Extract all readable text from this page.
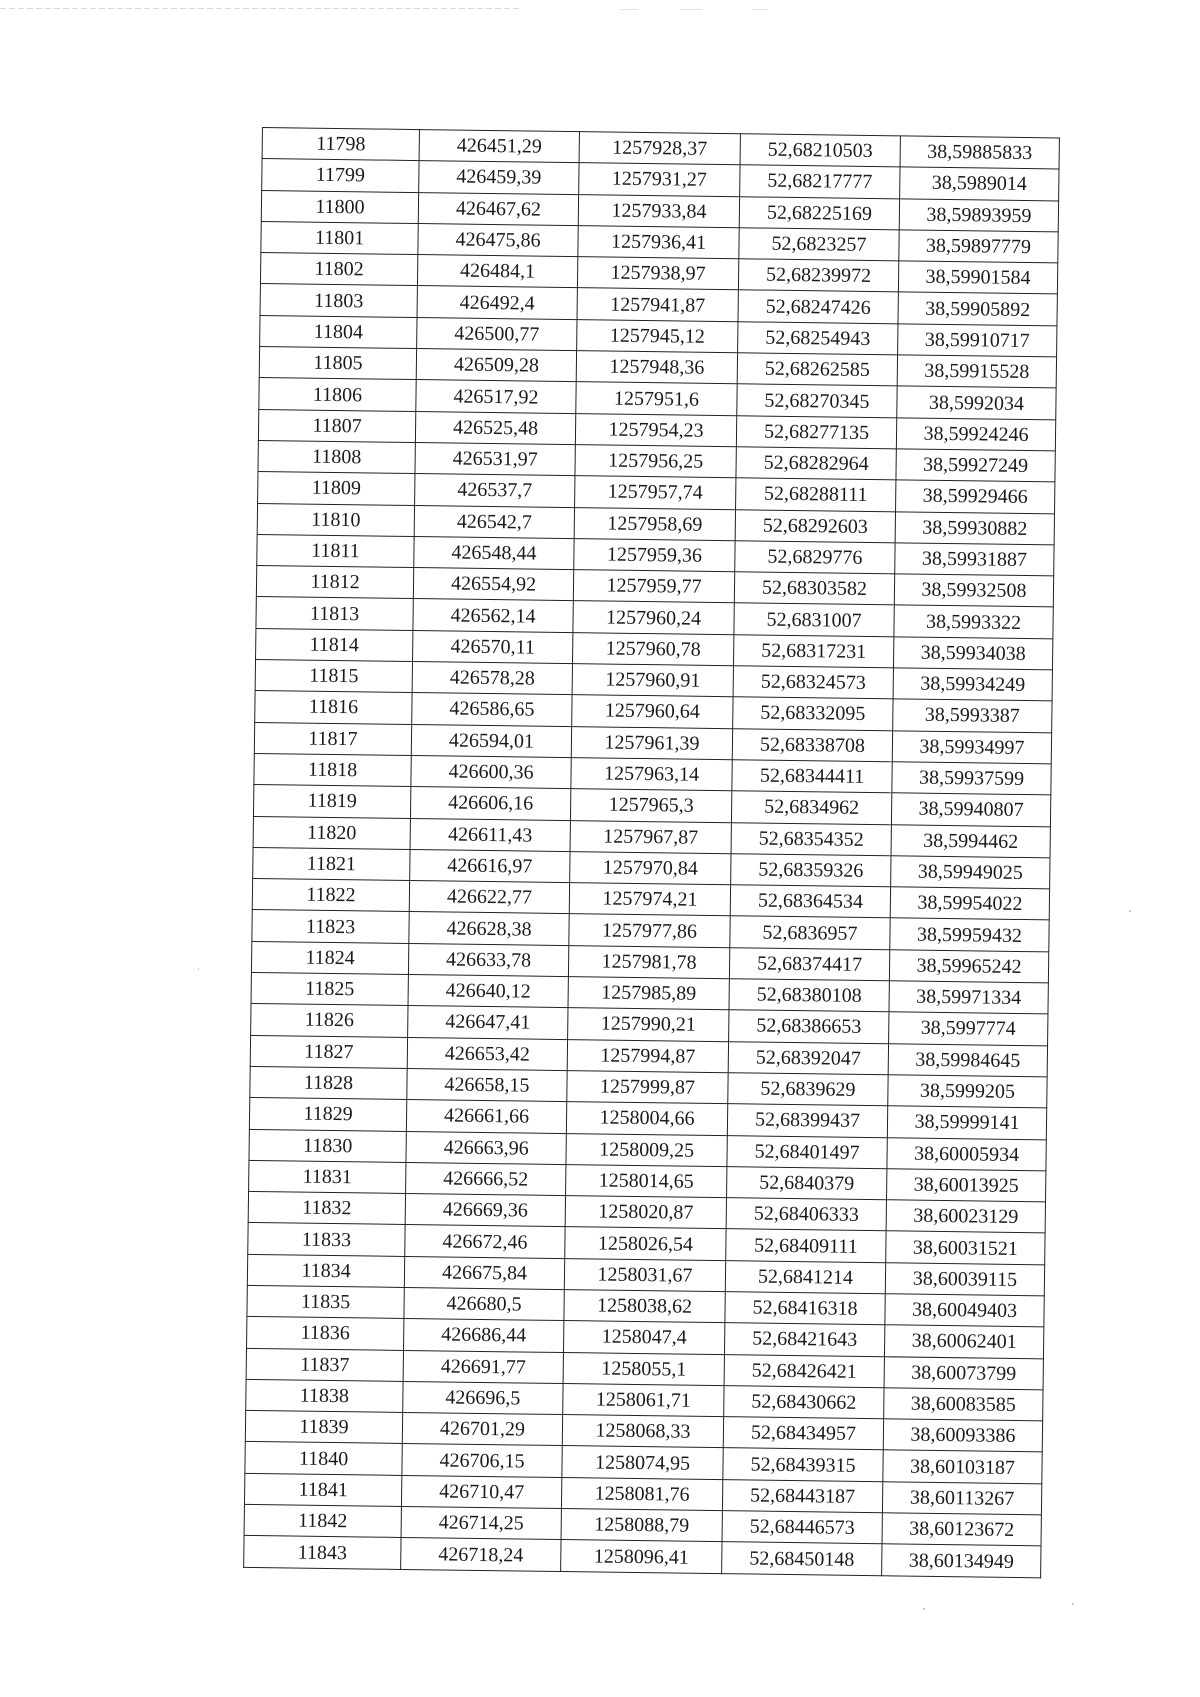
11798	426451,29	1257928,37	52,68210503	38,59885833
11799	426459,39	1257931,27	52,68217777	38,5989014
11800	426467,62	1257933,84	52,68225169	38,59893959
11801	426475,86	1257936,41	52,6823257	38,59897779
11802	426484,1	1257938,97	52,68239972	38,59901584
11803	426492,4	1257941,87	52,68247426	38,59905892
11804	426500,77	1257945,12	52,68254943	38,59910717
11805	426509,28	1257948,36	52,68262585	38,59915528
11806	426517,92	1257951,6	52,68270345	38,5992034
11807	426525,48	1257954,23	52,68277135	38,59924246
11808	426531,97	1257956,25	52,68282964	38,59927249
11809	426537,7	1257957,74	52,68288111	38,59929466
11810	426542,7	1257958,69	52,68292603	38,59930882
11811	426548,44	1257959,36	52,6829776	38,59931887
11812	426554,92	1257959,77	52,68303582	38,59932508
11813	426562,14	1257960,24	52,6831007	38,5993322
11814	426570,11	1257960,78	52,68317231	38,59934038
11815	426578,28	1257960,91	52,68324573	38,59934249
11816	426586,65	1257960,64	52,68332095	38,5993387
11817	426594,01	1257961,39	52,68338708	38,59934997
11818	426600,36	1257963,14	52,68344411	38,59937599
11819	426606,16	1257965,3	52,6834962	38,59940807
11820	426611,43	1257967,87	52,68354352	38,5994462
11821	426616,97	1257970,84	52,68359326	38,59949025
11822	426622,77	1257974,21	52,68364534	38,59954022
11823	426628,38	1257977,86	52,6836957	38,59959432
11824	426633,78	1257981,78	52,68374417	38,59965242
11825	426640,12	1257985,89	52,68380108	38,59971334
11826	426647,41	1257990,21	52,68386653	38,5997774
11827	426653,42	1257994,87	52,68392047	38,59984645
11828	426658,15	1257999,87	52,6839629	38,5999205
11829	426661,66	1258004,66	52,68399437	38,59999141
11830	426663,96	1258009,25	52,68401497	38,60005934
11831	426666,52	1258014,65	52,6840379	38,60013925
11832	426669,36	1258020,87	52,68406333	38,60023129
11833	426672,46	1258026,54	52,68409111	38,60031521
11834	426675,84	1258031,67	52,6841214	38,60039115
11835	426680,5	1258038,62	52,68416318	38,60049403
11836	426686,44	1258047,4	52,68421643	38,60062401
11837	426691,77	1258055,1	52,68426421	38,60073799
11838	426696,5	1258061,71	52,68430662	38,60083585
11839	426701,29	1258068,33	52,68434957	38,60093386
11840	426706,15	1258074,95	52,68439315	38,60103187
11841	426710,47	1258081,76	52,68443187	38,60113267
11842	426714,25	1258088,79	52,68446573	38,60123672
11843	426718,24	1258096,41	52,68450148	38,60134949
